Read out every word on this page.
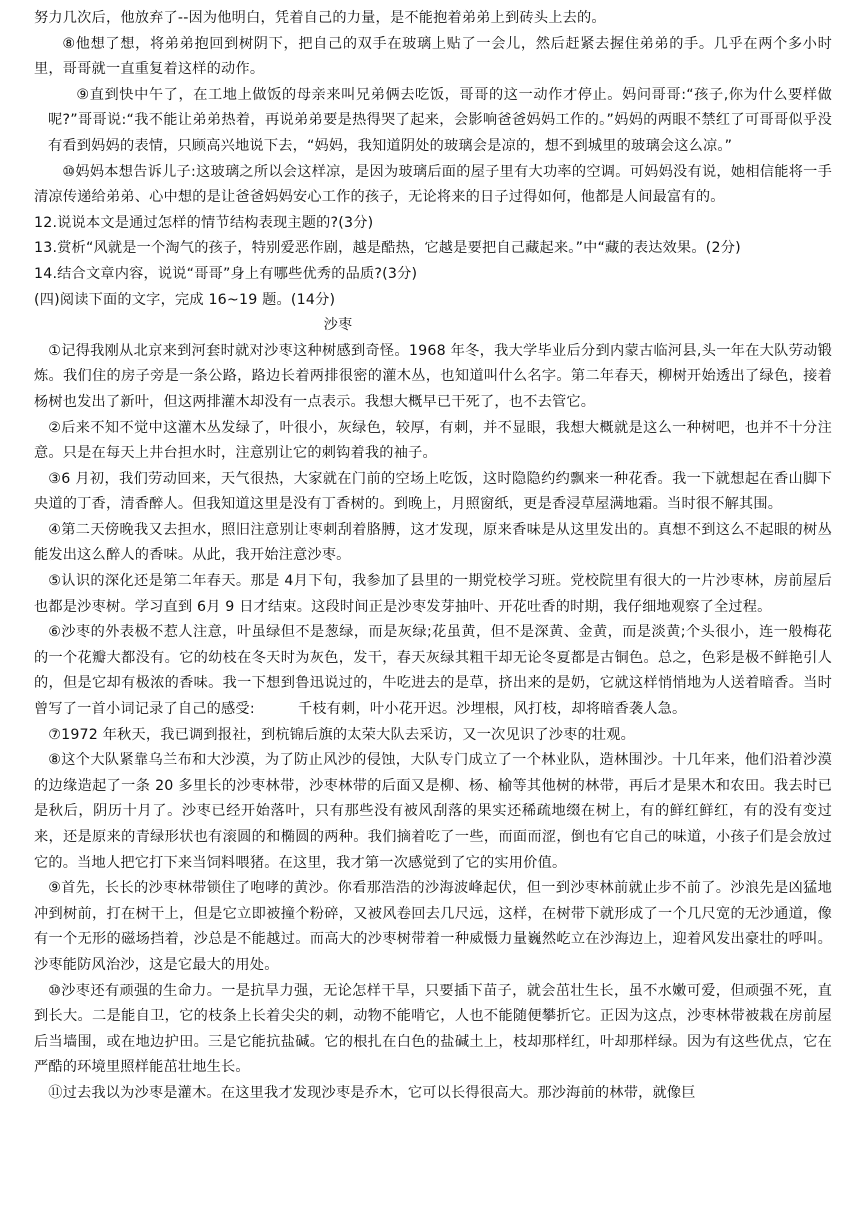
努力几次后，他放弃了--因为他明白，凭着自己的力量，是不能抱着弟弟上到砖头上去的。

⑧他想了想，将弟弟抱回到树阴下，把自己的双手在玻璃上贴了一会儿，然后赶紧去握住弟弟的手。几乎在两个多小时里，哥哥就一直重复着这样的动作。

⑨直到快中午了，在工地上做饭的母亲来叫兄弟俩去吃饭，哥哥的这一动作才停止。妈问哥哥:“孩子,你为什么要样做呢?”哥哥说:“我不能让弟弟热着，再说弟弟要是热得哭了起来，会影响爸爸妈妈工作的。”妈妈的两眼不禁红了可哥哥似乎没有看到妈妈的表情，只顾高兴地说下去，“妈妈，我知道阴处的玻璃会是凉的，想不到城里的玻璃会这么凉。”

⑩妈妈本想告诉儿子:这玻璃之所以会这样凉，是因为玻璃后面的屋子里有大功率的空调。可妈妈没有说，她相信能将一手清凉传递给弟弟、心中想的是让爸爸妈妈安心工作的孩子，无论将来的日子过得如何，他都是人间最富有的。

12.说说本文是通过怎样的情节结构表现主题的?(3分)

13.赏析“风就是一个淘气的孩子，特别爱恶作剧，越是酷热，它越是要把自己藏起来。”中“藏的表达效果。(2分)

14.结合文章内容，说说“哥哥”身上有哪些优秀的品质?(3分)

(四)阅读下面的文字，完成 16~19 题。(14分)

沙枣

①记得我刚从北京来到河套时就对沙枣这种树感到奇怪。1968 年冬，我大学毕业后分到内蒙古临河县,头一年在大队劳动锻炼。我们住的房子旁是一条公路，路边长着两排很密的灌木丛，也知道叫什么名字。第二年春天，柳树开始透出了绿色，接着杨树也发出了新叶，但这两排灌木却没有一点表示。我想大概早已干死了，也不去管它。

②后来不知不觉中这灌木丛发绿了，叶很小，灰绿色，较厚，有刺，并不显眼，我想大概就是这么一种树吧，也并不十分注意。只是在每天上井台担水时，注意别让它的刺钩着我的袖子。

③6 月初，我们劳动回来，天气很热，大家就在门前的空场上吃饭，这时隐隐约约飘来一种花香。我一下就想起在香山脚下央道的丁香，清香醉人。但我知道这里是没有丁香树的。到晚上，月照窗纸，更是香浸草屋满地霜。当时很不解其围。

④第二天傍晚我又去担水，照旧注意别让枣刺刮着胳膊，这才发现，原来香味是从这里发出的。真想不到这么不起眼的树丛能发出这么醉人的香味。从此，我开始注意沙枣。

⑤认识的深化还是第二年春天。那是 4月下旬，我参加了县里的一期党校学习班。党校院里有很大的一片沙枣林，房前屋后也都是沙枣树。学习直到 6月 9 日才结束。这段时间正是沙枣发芽抽叶、开花吐香的时期，我仔细地观察了全过程。

⑥沙枣的外表极不惹人注意，叶虽绿但不是葱绿，而是灰绿;花虽黄，但不是深黄、金黄，而是淡黄;个头很小，连一般梅花的一个花瓣大都没有。它的幼枝在冬天时为灰色，发干，春天灰绿其粗干却无论冬夏都是古铜色。总之，色彩是极不鲜艳引人的，但是它却有极浓的香味。我一下想到鲁迅说过的，牛吃进去的是草，挤出来的是奶，它就这样悄悄地为人送着暗香。当时曾写了一首小词记录了自己的感受:　　　千枝有刺，叶小花开迟。沙埋根，风打枝，却将暗香袭人急。

⑦1972 年秋天，我已调到报社，到杭锦后旗的太荣大队去采访，又一次见识了沙枣的壮观。

⑧这个大队紧靠乌兰布和大沙漠，为了防止风沙的侵蚀，大队专门成立了一个林业队，造林围沙。十几年来，他们沿着沙漠的边缘造起了一条 20 多里长的沙枣林带，沙枣林带的后面又是柳、杨、榆等其他树的林带，再后才是果木和农田。我去时已是秋后，阴历十月了。沙枣已经开始落叶，只有那些没有被风刮落的果实还稀疏地缀在树上，有的鲜红鲜红，有的没有变过来，还是原来的青绿形状也有滚圆的和椭圆的两种。我们摘着吃了一些，而面而涩，倒也有它自己的味道，小孩子们是会放过它的。当地人把它打下来当饲料喂猪。在这里，我才第一次感觉到了它的实用价值。

⑨首先，长长的沙枣林带锁住了咆哮的黄沙。你看那浩浩的沙海波峰起伏，但一到沙枣林前就止步不前了。沙浪先是凶猛地冲到树前，打在树干上，但是它立即被撞个粉碎，又被风卷回去几尺远，这样，在树带下就形成了一个几尺宽的无沙通道，像有一个无形的磁场挡着，沙总是不能越过。而高大的沙枣树带着一种威慑力量巍然屹立在沙海边上，迎着风发出豪壮的呼叫。沙枣能防风治沙，这是它最大的用处。

⑩沙枣还有顽强的生命力。一是抗旱力强，无论怎样干旱，只要插下苗子，就会茁壮生长，虽不水嫩可爱，但顽强不死，直到长大。二是能自卫，它的枝条上长着尖尖的刺，动物不能啃它，人也不能随便攀折它。正因为这点，沙枣林带被栽在房前屋后当墙围，或在地边护田。三是它能抗盐碱。它的根扎在白色的盐碱土上，枝却那样红，叶却那样绿。因为有这些优点，它在严酷的环境里照样能茁壮地生长。

⑪过去我以为沙枣是灌木。在这里我才发现沙枣是乔木，它可以长得很高大。那沙海前的林带，就像巨
